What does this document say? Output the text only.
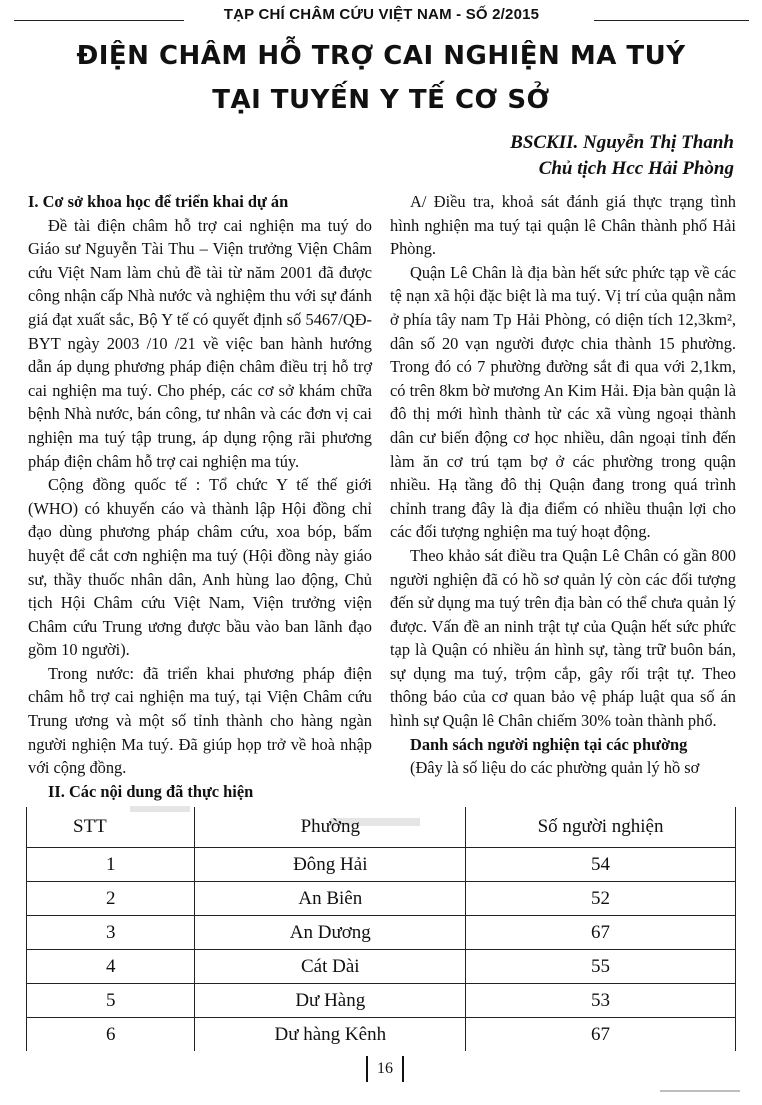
TẠP CHÍ CHÂM CỨU VIỆT NAM - SỐ 2/2015
ĐIỆN CHÂM HỖ TRỢ CAI NGHIỆN MA TUÝ
TẠI TUYẾN Y TẾ CƠ SỞ
BSCKII. Nguyễn Thị Thanh
Chủ tịch Hcc Hải Phòng

I. Cơ sở khoa học để triển khai dự án

Đề tài điện châm hỗ trợ cai nghiện ma tuý do Giáo sư Nguyễn Tài Thu – Viện trưởng Viện Châm cứu Việt Nam làm chủ đề tài từ năm 2001 đã được công nhận cấp Nhà nước và nghiệm thu với sự đánh giá đạt xuất sắc, Bộ Y tế có quyết định số 5467/QĐ-BYT ngày 2003 /10 /21 về việc ban hành hướng dẫn áp dụng phương pháp điện châm điều trị hỗ trợ cai nghiện ma tuý. Cho phép, các cơ sở khám chữa bệnh Nhà nước, bán công, tư nhân và các đơn vị cai nghiện ma tuý tập trung, áp dụng rộng rãi phương pháp điện châm hỗ trợ cai nghiện ma túy.

Cộng đồng quốc tế : Tổ chức Y tế thế giới (WHO) có khuyến cáo và thành lập Hội đồng chỉ đạo dùng phương pháp châm cứu, xoa bóp, bấm huyệt để cắt cơn nghiện ma tuý (Hội đồng này giáo sư, thầy thuốc nhân dân, Anh hùng lao động, Chủ tịch Hội Châm cứu Việt Nam, Viện trưởng viện Châm cứu Trung ương được bầu vào ban lãnh đạo gồm 10 người).

Trong nước: đã triển khai phương pháp điện châm hỗ trợ cai nghiện ma tuý, tại Viện Châm cứu Trung ương và một số tỉnh thành cho hàng ngàn người nghiện Ma tuý. Đã giúp họp trở về hoà nhập với cộng đồng.

II. Các nội dung đã thực hiện

A/ Điều tra, khoả sát đánh giá thực trạng tình hình nghiện ma tuý tại quận lê Chân thành phố Hải Phòng.

Quận Lê Chân là địa bàn hết sức phức tạp về các tệ nạn xã hội đặc biệt là ma tuý. Vị trí của quận nằm ở phía tây nam Tp Hải Phòng, có diện tích 12,3km², dân số 20 vạn người được chia thành 15 phường. Trong đó có 7 phường đường sắt đi qua với 2,1km, có trên 8km bờ mương An Kim Hải. Địa bàn quận là đô thị mới hình thành từ các xã vùng ngoại thành dân cư biến động cơ học nhiều, dân ngoại tỉnh đến làm ăn cơ trú tạm bợ ở các phường trong quận nhiều. Hạ tầng đô thị Quận đang trong quá trình chỉnh trang đây là địa điểm có nhiều thuận lợi cho các đối tượng nghiện ma tuý hoạt động.

Theo khảo sát điều tra Quận Lê Chân có gần 800 người nghiện đã có hồ sơ quản lý còn các đối tượng đến sử dụng ma tuý trên địa bàn có thể chưa quản lý được. Vấn đề an ninh trật tự của Quận hết sức phức tạp là Quận có nhiều án hình sự, tàng trữ buôn bán, sự dụng ma tuý, trộm cắp, gây rối trật tự. Theo thông báo của cơ quan bảo vệ pháp luật qua số án hình sự Quận lê Chân chiếm 30% toàn thành phố.

Danh sách người nghiện tại các phường

(Đây là số liệu do các phường quản lý hồ sơ

STT	Phường	Số người nghiện
1	Đông Hải	54
2	An Biên	52
3	An Dương	67
4	Cát Dài	55
5	Dư Hàng	53
6	Dư hàng Kênh	67
16
